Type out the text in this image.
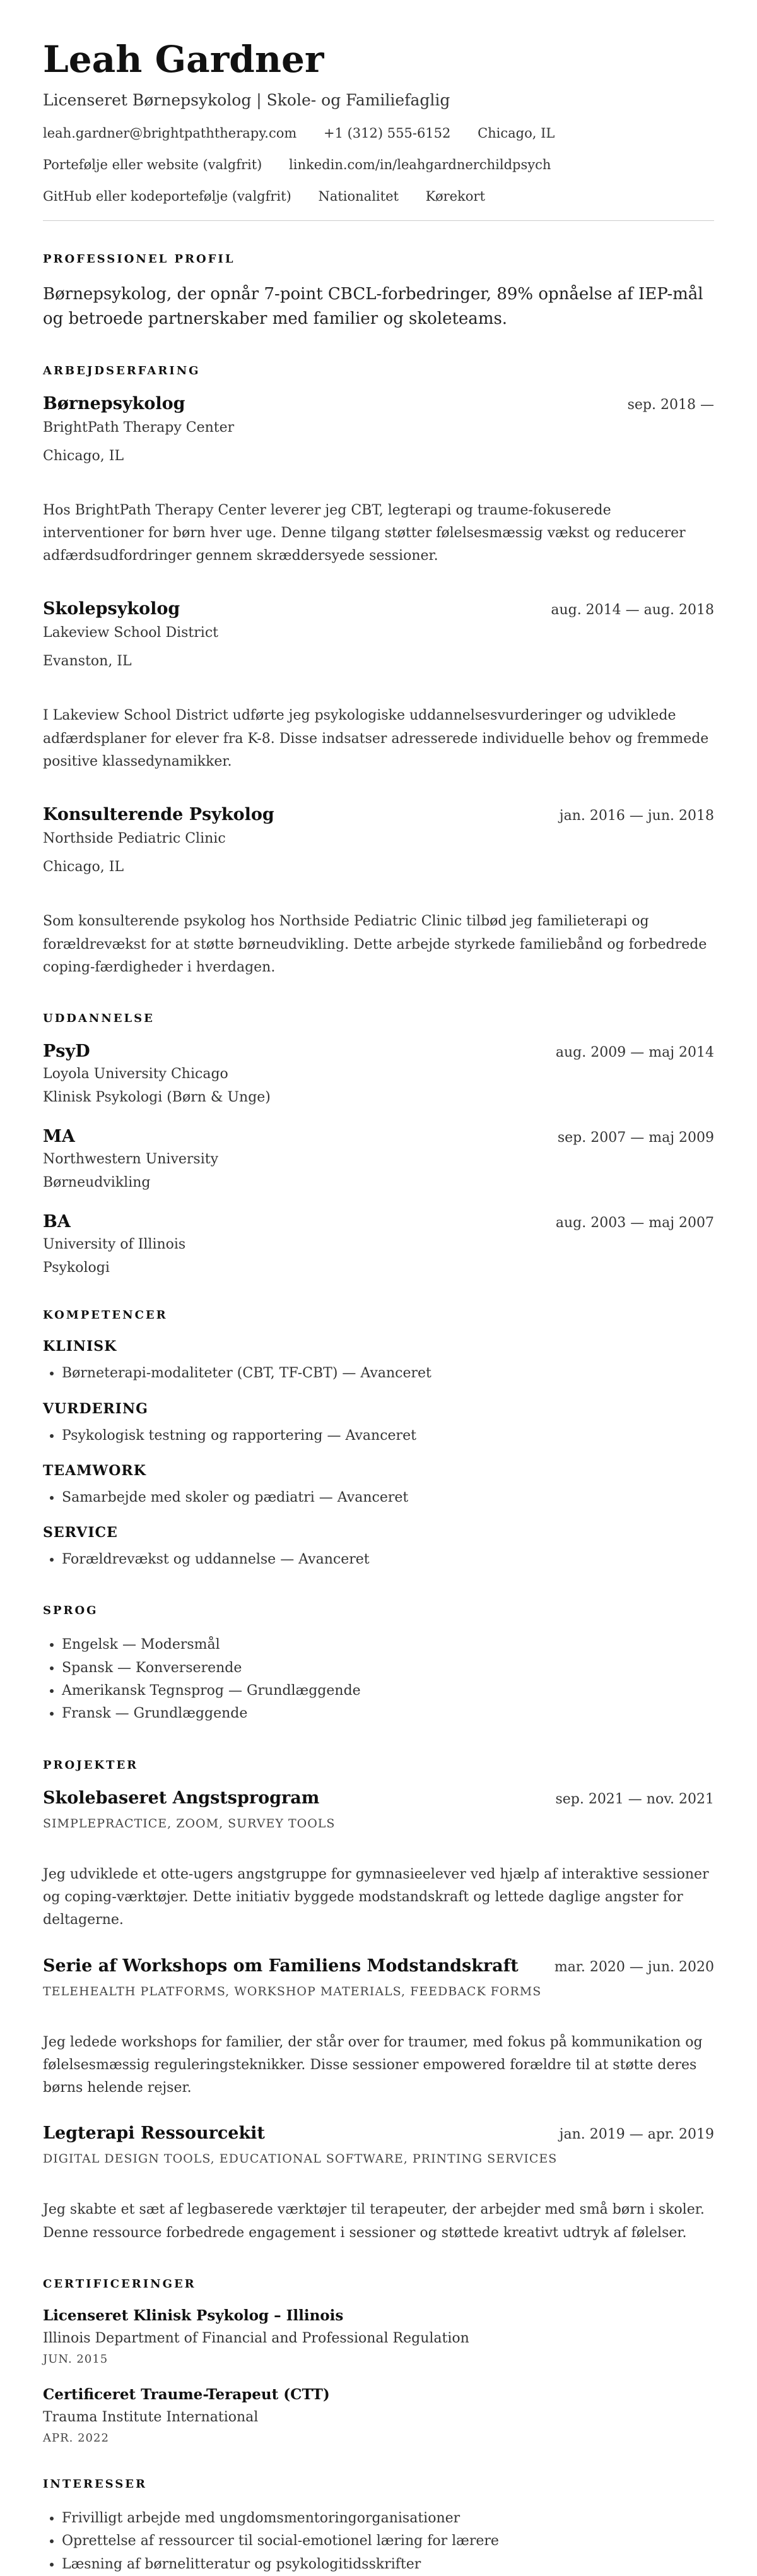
Leah Gardner
Licenseret Børnepsykolog | Skole- og Familiefaglig
leah.gardner@brightpaththerapy.com +1 (312) 555-6152 Chicago, IL
Portefølje eller website (valgfrit) linkedin.com/in/leahgardnerchildpsych
GitHub eller kodeportefølje (valgfrit) Nationalitet Kørekort
PROFESSIONEL PROFIL

Børnepsykolog, der opnår 7-point CBCL-forbedringer, 89% opnåelse af IEP-mål og betroede partnerskaber med familier og skoleteams.

ARBEJDSERFARING
Børnepsykolog	sep. 2018 —
BrightPath Therapy Center
Chicago, IL
Hos BrightPath Therapy Center leverer jeg CBT, legterapi og traume-fokuserede interventioner for børn hver uge. Denne tilgang støtter følelsesmæssig vækst og reducerer adfærdsudfordringer gennem skræddersyede sessioner.
Skolepsykolog	aug. 2014 — aug. 2018
Lakeview School District
Evanston, IL
I Lakeview School District udførte jeg psykologiske uddannelsesvurderinger og udviklede adfærdsplaner for elever fra K-8. Disse indsatser adresserede individuelle behov og fremmede positive klassedynamikker.
Konsulterende Psykolog	jan. 2016 — jun. 2018
Northside Pediatric Clinic
Chicago, IL
Som konsulterende psykolog hos Northside Pediatric Clinic tilbød jeg familieterapi og forældrevækst for at støtte børneudvikling. Dette arbejde styrkede familiebånd og forbedrede coping-færdigheder i hverdagen.
UDDANNELSE
PsyD	aug. 2009 — maj 2014
Loyola University Chicago
Klinisk Psykologi (Børn & Unge)
MA	sep. 2007 — maj 2009
Northwestern University
Børneudvikling
BA	aug. 2003 — maj 2007
University of Illinois
Psykologi
KOMPETENCER
KLINISK
• Børneterapi-modaliteter (CBT, TF-CBT) — Avanceret
VURDERING
• Psykologisk testning og rapportering — Avanceret
TEAMWORK
• Samarbejde med skoler og pædiatri — Avanceret
SERVICE
• Forældrevækst og uddannelse — Avanceret
SPROG
• Engelsk — Modersmål
• Spansk — Konverserende
• Amerikansk Tegnsprog — Grundlæggende
• Fransk — Grundlæggende
PROJEKTER
Skolebaseret Angstsprogram	sep. 2021 — nov. 2021
SIMPLEPRACTICE, ZOOM, SURVEY TOOLS
Jeg udviklede et otte-ugers angstgruppe for gymnasieelever ved hjælp af interaktive sessioner og coping-værktøjer. Dette initiativ byggede modstandskraft og lettede daglige angster for deltagerne.
Serie af Workshops om Familiens Modstandskraft	mar. 2020 — jun. 2020
TELEHEALTH PLATFORMS, WORKSHOP MATERIALS, FEEDBACK FORMS
Jeg ledede workshops for familier, der står over for traumer, med fokus på kommunikation og følelsesmæssig reguleringsteknikker. Disse sessioner empowered forældre til at støtte deres børns helende rejser.
Legterapi Ressourcekit	jan. 2019 — apr. 2019
DIGITAL DESIGN TOOLS, EDUCATIONAL SOFTWARE, PRINTING SERVICES
Jeg skabte et sæt af legbaserede værktøjer til terapeuter, der arbejder med små børn i skoler. Denne ressource forbedrede engagement i sessioner og støttede kreativt udtryk af følelser.
CERTIFICERINGER
Licenseret Klinisk Psykolog – Illinois
Illinois Department of Financial and Professional Regulation
JUN. 2015
Certificeret Traume-Terapeut (CTT)
Trauma Institute International
APR. 2022
INTERESSER
• Frivilligt arbejde med ungdomsmentoringorganisationer
• Oprettelse af ressourcer til social-emotionel læring for lærere
• Læsning af børnelitteratur og psykologitidsskrifter
